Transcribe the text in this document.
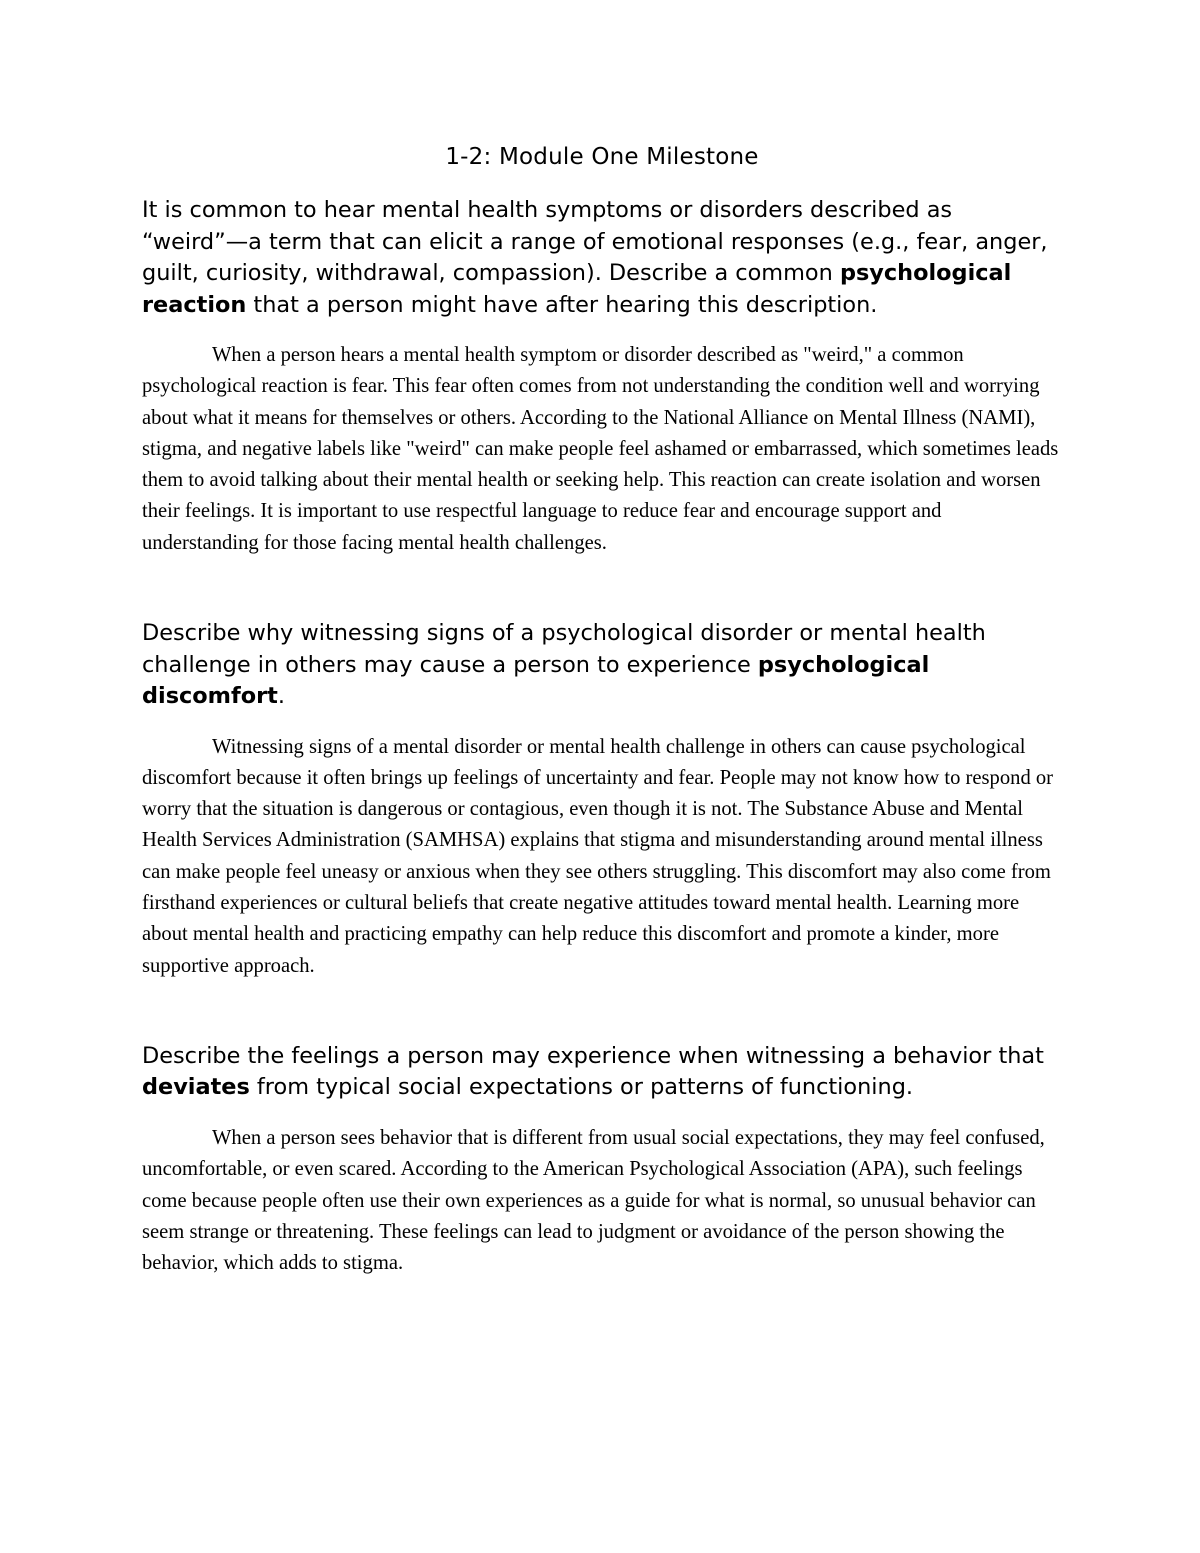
1-2: Module One Milestone

It is common to hear mental health symptoms or disorders described as “weird”—a term that can elicit a range of emotional responses (e.g., fear, anger, guilt, curiosity, withdrawal, compassion). Describe a common psychological reaction that a person might have after hearing this description.

When a person hears a mental health symptom or disorder described as "weird," a common psychological reaction is fear. This fear often comes from not understanding the condition well and worrying about what it means for themselves or others. According to the National Alliance on Mental Illness (NAMI), stigma, and negative labels like "weird" can make people feel ashamed or embarrassed, which sometimes leads them to avoid talking about their mental health or seeking help. This reaction can create isolation and worsen their feelings. It is important to use respectful language to reduce fear and encourage support and understanding for those facing mental health challenges.

Describe why witnessing signs of a psychological disorder or mental health challenge in others may cause a person to experience psychological discomfort.

Witnessing signs of a mental disorder or mental health challenge in others can cause psychological discomfort because it often brings up feelings of uncertainty and fear. People may not know how to respond or worry that the situation is dangerous or contagious, even though it is not. The Substance Abuse and Mental Health Services Administration (SAMHSA) explains that stigma and misunderstanding around mental illness can make people feel uneasy or anxious when they see others struggling. This discomfort may also come from firsthand experiences or cultural beliefs that create negative attitudes toward mental health. Learning more about mental health and practicing empathy can help reduce this discomfort and promote a kinder, more supportive approach.

Describe the feelings a person may experience when witnessing a behavior that deviates from typical social expectations or patterns of functioning.

When a person sees behavior that is different from usual social expectations, they may feel confused, uncomfortable, or even scared. According to the American Psychological Association (APA), such feelings come because people often use their own experiences as a guide for what is normal, so unusual behavior can seem strange or threatening. These feelings can lead to judgment or avoidance of the person showing the behavior, which adds to stigma.
